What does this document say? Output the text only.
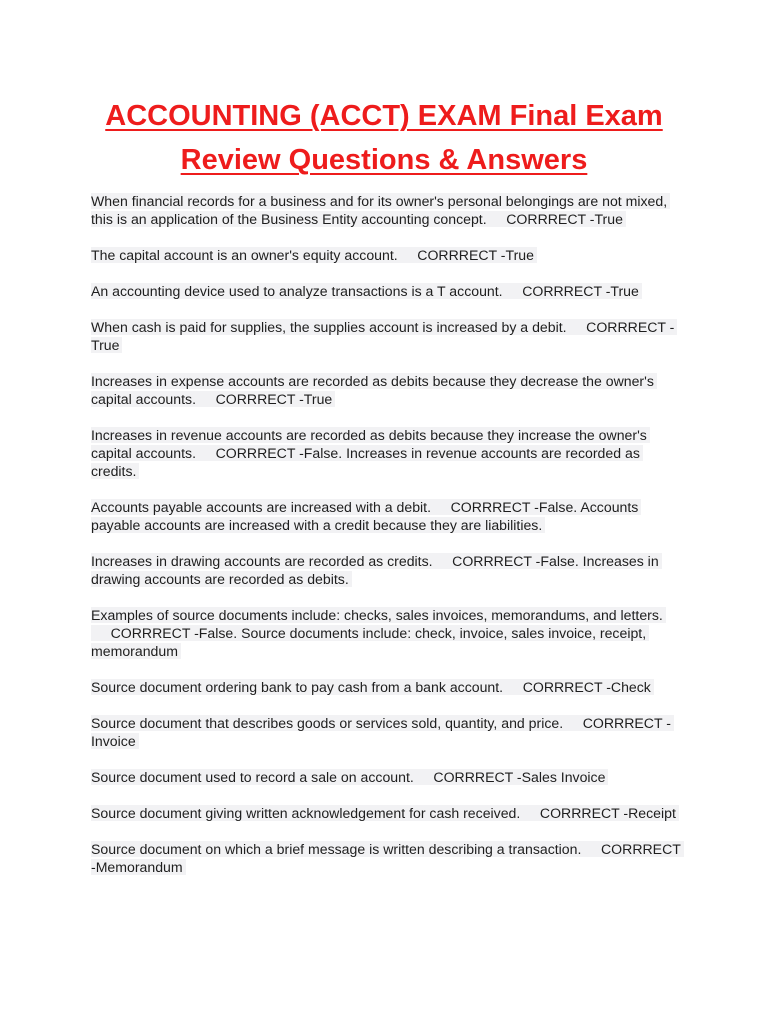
ACCOUNTING (ACCT) EXAM Final Exam
Review Questions & Answers
When financial records for a business and for its owner's personal belongings are not mixed, this is an application of the Business Entity accounting concept. CORRRECT -True
The capital account is an owner's equity account. CORRRECT -True
An accounting device used to analyze transactions is a T account. CORRRECT -True
When cash is paid for supplies, the supplies account is increased by a debit. CORRRECT -True
Increases in expense accounts are recorded as debits because they decrease the owner's capital accounts. CORRRECT -True
Increases in revenue accounts are recorded as debits because they increase the owner's capital accounts. CORRRECT -False. Increases in revenue accounts are recorded as credits.
Accounts payable accounts are increased with a debit. CORRRECT -False. Accounts payable accounts are increased with a credit because they are liabilities.
Increases in drawing accounts are recorded as credits. CORRRECT -False. Increases in drawing accounts are recorded as debits.
Examples of source documents include: checks, sales invoices, memorandums, and letters.     CORRRECT -False. Source documents include: check, invoice, sales invoice, receipt, memorandum
Source document ordering bank to pay cash from a bank account. CORRRECT -Check
Source document that describes goods or services sold, quantity, and price. CORRRECT -Invoice
Source document used to record a sale on account. CORRRECT -Sales Invoice
Source document giving written acknowledgement for cash received. CORRRECT -Receipt
Source document on which a brief message is written describing a transaction. CORRRECT -Memorandum
